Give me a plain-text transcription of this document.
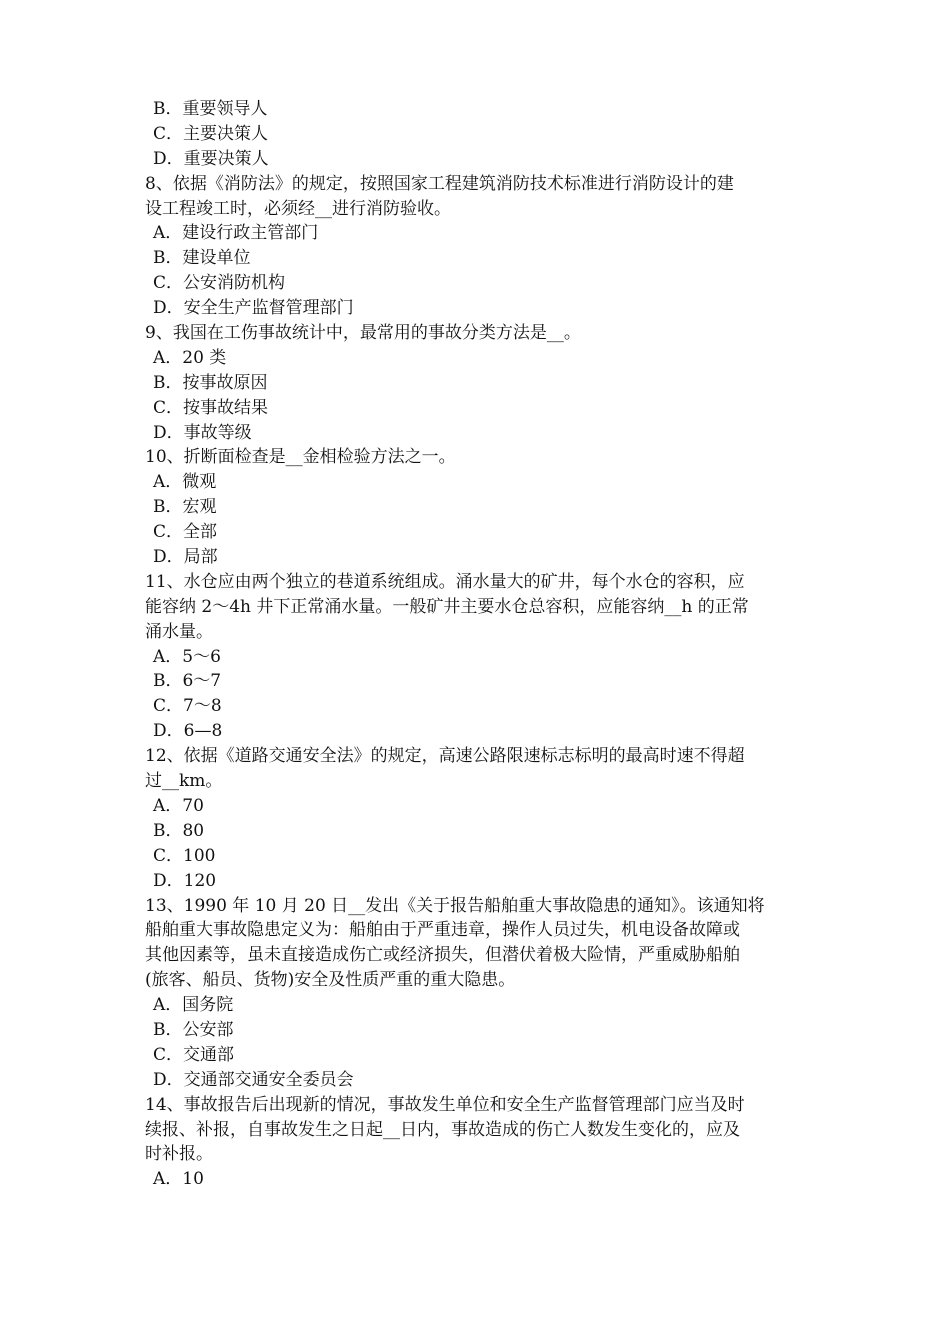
B．重要领导人
C．主要决策人
D．重要决策人
8、依据《消防法》的规定，按照国家工程建筑消防技术标准进行消防设计的建
设工程竣工时，必须经__进行消防验收。
A．建设行政主管部门
B．建设单位
C．公安消防机构
D．安全生产监督管理部门
9、我国在工伤事故统计中，最常用的事故分类方法是__。
A．20 类
B．按事故原因
C．按事故结果
D．事故等级
10、折断面检查是__金相检验方法之一。
A．微观
B．宏观
C．全部
D．局部
11、水仓应由两个独立的巷道系统组成。涌水量大的矿井，每个水仓的容积，应
能容纳 2～4h 井下正常涌水量。一般矿井主要水仓总容积，应能容纳__h 的正常
涌水量。
A．5～6
B．6～7
C．7～8
D．6—8
12、依据《道路交通安全法》的规定，高速公路限速标志标明的最高时速不得超
过__km。
A．70
B．80
C．100
D．120
13、1990 年 10 月 20 日__发出《关于报告船舶重大事故隐患的通知》。该通知将
船舶重大事故隐患定义为：船舶由于严重违章，操作人员过失，机电设备故障或
其他因素等，虽未直接造成伤亡或经济损失，但潜伏着极大险情，严重威胁船舶
(旅客、船员、货物)安全及性质严重的重大隐患。
A．国务院
B．公安部
C．交通部
D．交通部交通安全委员会
14、事故报告后出现新的情况，事故发生单位和安全生产监督管理部门应当及时
续报、补报，自事故发生之日起__日内，事故造成的伤亡人数发生变化的，应及
时补报。
A．10
